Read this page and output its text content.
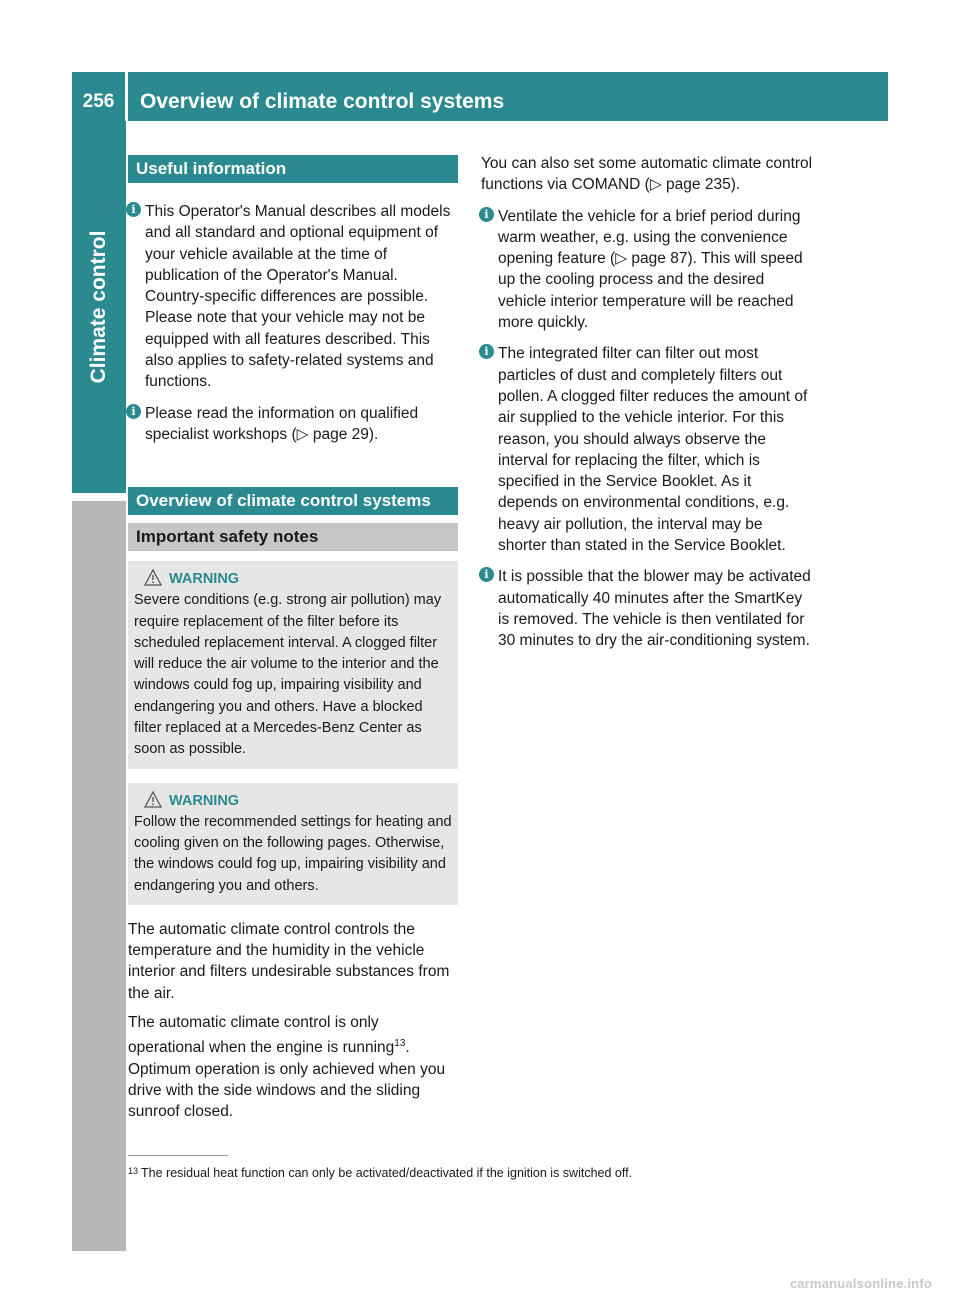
256	Overview of climate control systems
Climate control
Useful information
i This Operator's Manual describes all models and all standard and optional equipment of your vehicle available at the time of publication of the Operator's Manual. Country-specific differences are possible. Please note that your vehicle may not be equipped with all features described. This also applies to safety-related systems and functions.
i Please read the information on qualified specialist workshops (▷ page 29).
Overview of climate control systems
Important safety notes
WARNING
Severe conditions (e.g. strong air pollution) may require replacement of the filter before its scheduled replacement interval. A clogged filter will reduce the air volume to the interior and the windows could fog up, impairing visibility and endangering you and others. Have a blocked filter replaced at a Mercedes-Benz Center as soon as possible.
WARNING
Follow the recommended settings for heating and cooling given on the following pages. Otherwise, the windows could fog up, impairing visibility and endangering you and others.
The automatic climate control controls the temperature and the humidity in the vehicle interior and filters undesirable substances from the air.
The automatic climate control is only operational when the engine is running$^{13}$. Optimum operation is only achieved when you drive with the side windows and the sliding sunroof closed.
You can also set some automatic climate control functions via COMAND (▷ page 235).
i Ventilate the vehicle for a brief period during warm weather, e.g. using the convenience opening feature (▷ page 87). This will speed up the cooling process and the desired vehicle interior temperature will be reached more quickly.
i The integrated filter can filter out most particles of dust and completely filters out pollen. A clogged filter reduces the amount of air supplied to the vehicle interior. For this reason, you should always observe the interval for replacing the filter, which is specified in the Service Booklet. As it depends on environmental conditions, e.g. heavy air pollution, the interval may be shorter than stated in the Service Booklet.
i It is possible that the blower may be activated automatically 40 minutes after the SmartKey is removed. The vehicle is then ventilated for 30 minutes to dry the air-conditioning system.
$^{13}$ The residual heat function can only be activated/deactivated if the ignition is switched off.
carmanualsonline.info
